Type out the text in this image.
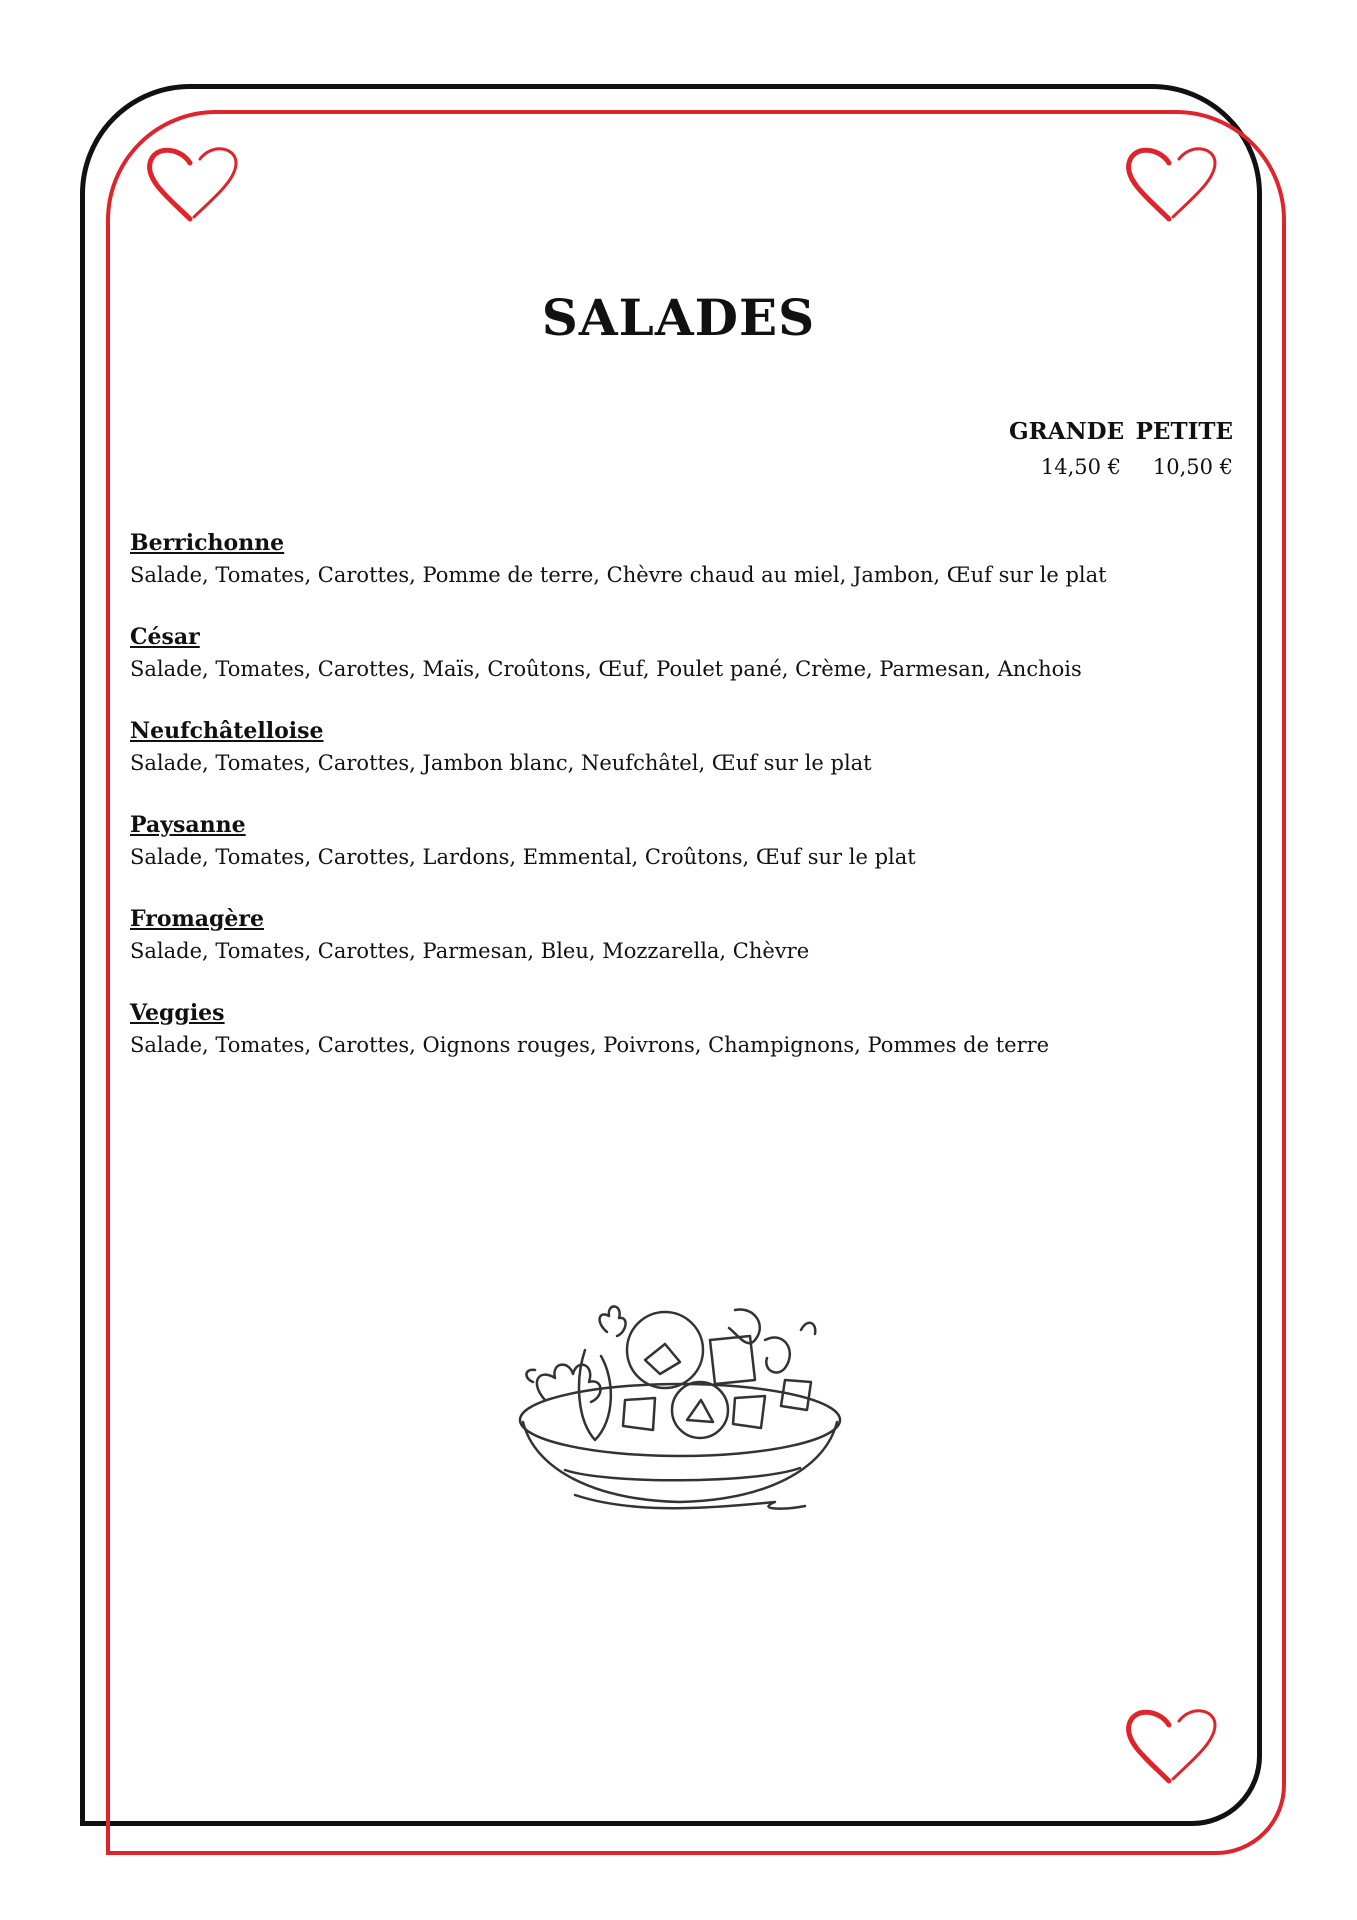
SALADES
GRANDE PETITE
14,50 €	10,50 €
Berrichonne
Salade, Tomates, Carottes, Pomme de terre, Chèvre chaud au miel, Jambon, Œuf sur le plat
César
Salade, Tomates, Carottes, Maïs, Croûtons, Œuf, Poulet pané, Crème, Parmesan, Anchois
Neufchâtelloise
Salade, Tomates, Carottes, Jambon blanc, Neufchâtel, Œuf sur le plat
Paysanne
Salade, Tomates, Carottes, Lardons, Emmental, Croûtons, Œuf sur le plat
Fromagère
Salade, Tomates, Carottes, Parmesan, Bleu, Mozzarella, Chèvre
Veggies
Salade, Tomates, Carottes, Oignons rouges, Poivrons, Champignons, Pommes de terre
